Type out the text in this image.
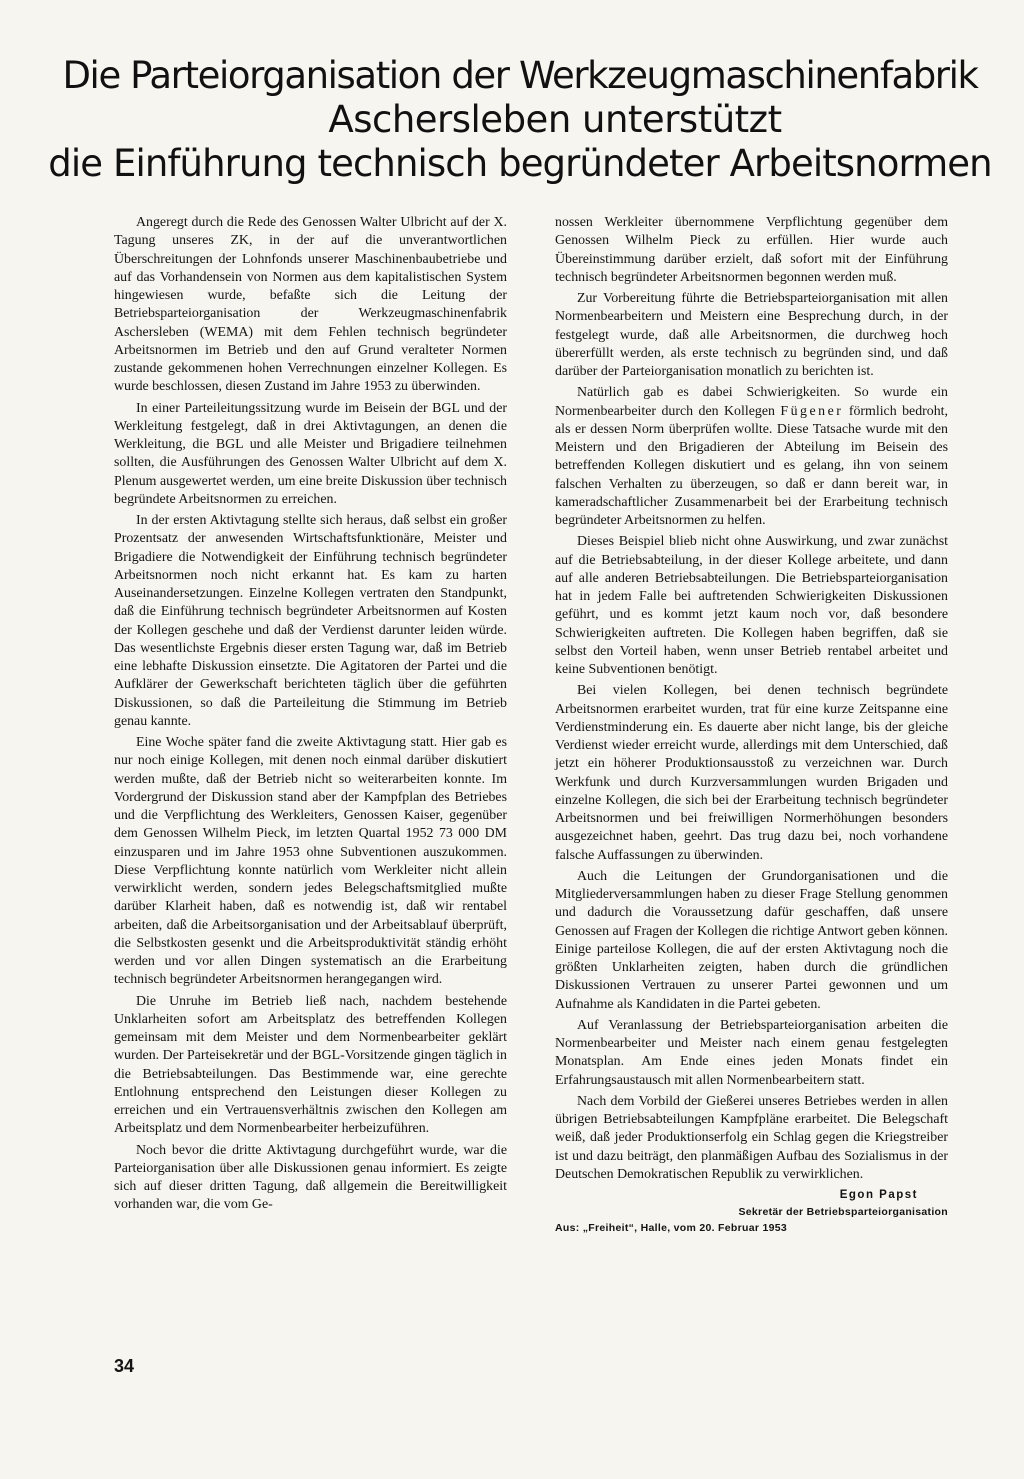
Die Parteiorganisation der Werkzeugmaschinenfabrik
Aschersleben unterstützt
die Einführung technisch begründeter Arbeitsnormen

Angeregt durch die Rede des Genossen Walter Ulbricht auf der X. Tagung unseres ZK, in der auf die unverantwortlichen Überschreitungen der Lohnfonds unserer Maschinenbaubetriebe und auf das Vorhandensein von Normen aus dem kapitalistischen System hingewiesen wurde, befaßte sich die Leitung der Betriebsparteiorganisation der Werkzeugmaschinenfabrik Aschersleben (WEMA) mit dem Fehlen technisch begründeter Arbeitsnormen im Betrieb und den auf Grund veralteter Normen zustande gekommenen hohen Verrechnungen einzelner Kollegen. Es wurde beschlossen, diesen Zustand im Jahre 1953 zu überwinden.

In einer Parteileitungssitzung wurde im Beisein der BGL und der Werkleitung festgelegt, daß in drei Aktivtagungen, an denen die Werkleitung, die BGL und alle Meister und Brigadiere teilnehmen sollten, die Ausführungen des Genossen Walter Ulbricht auf dem X. Plenum ausgewertet werden, um eine breite Diskussion über technisch begründete Arbeitsnormen zu erreichen.

In der ersten Aktivtagung stellte sich heraus, daß selbst ein großer Prozentsatz der anwesenden Wirtschaftsfunktionäre, Meister und Brigadiere die Notwendigkeit der Einführung technisch begründeter Arbeitsnormen noch nicht erkannt hat. Es kam zu harten Auseinandersetzungen. Einzelne Kollegen vertraten den Standpunkt, daß die Einführung technisch begründeter Arbeitsnormen auf Kosten der Kollegen geschehe und daß der Verdienst darunter leiden würde. Das wesentlichste Ergebnis dieser ersten Tagung war, daß im Betrieb eine lebhafte Diskussion einsetzte. Die Agitatoren der Partei und die Aufklärer der Gewerkschaft berichteten täglich über die geführten Diskussionen, so daß die Parteileitung die Stimmung im Betrieb genau kannte.

Eine Woche später fand die zweite Aktivtagung statt. Hier gab es nur noch einige Kollegen, mit denen noch einmal darüber diskutiert werden mußte, daß der Betrieb nicht so weiterarbeiten konnte. Im Vordergrund der Diskussion stand aber der Kampfplan des Betriebes und die Verpflichtung des Werkleiters, Genossen Kaiser, gegenüber dem Genossen Wilhelm Pieck, im letzten Quartal 1952 73 000 DM einzusparen und im Jahre 1953 ohne Subventionen auszukommen. Diese Verpflichtung konnte natürlich vom Werkleiter nicht allein verwirklicht werden, sondern jedes Belegschaftsmitglied mußte darüber Klarheit haben, daß es notwendig ist, daß wir rentabel arbeiten, daß die Arbeitsorganisation und der Arbeitsablauf überprüft, die Selbstkosten gesenkt und die Arbeitsproduktivität ständig erhöht werden und vor allen Dingen systematisch an die Erarbeitung technisch begründeter Arbeitsnormen herangegangen wird.

Die Unruhe im Betrieb ließ nach, nachdem bestehende Unklarheiten sofort am Arbeitsplatz des betreffenden Kollegen gemeinsam mit dem Meister und dem Normenbearbeiter geklärt wurden. Der Parteisekretär und der BGL-Vorsitzende gingen täglich in die Betriebsabteilungen. Das Bestimmende war, eine gerechte Entlohnung entsprechend den Leistungen dieser Kollegen zu erreichen und ein Vertrauensverhältnis zwischen den Kollegen am Arbeitsplatz und dem Normenbearbeiter herbeizuführen.

Noch bevor die dritte Aktivtagung durchgeführt wurde, war die Parteiorganisation über alle Diskussionen genau informiert. Es zeigte sich auf dieser dritten Tagung, daß allgemein die Bereitwilligkeit vorhanden war, die vom Ge-

nossen Werkleiter übernommene Verpflichtung gegenüber dem Genossen Wilhelm Pieck zu erfüllen. Hier wurde auch Übereinstimmung darüber erzielt, daß sofort mit der Einführung technisch begründeter Arbeitsnormen begonnen werden muß.

Zur Vorbereitung führte die Betriebsparteiorganisation mit allen Normenbearbeitern und Meistern eine Besprechung durch, in der festgelegt wurde, daß alle Arbeitsnormen, die durchweg hoch übererfüllt werden, als erste technisch zu begründen sind, und daß darüber der Parteiorganisation monatlich zu berichten ist.

Natürlich gab es dabei Schwierigkeiten. So wurde ein Normenbearbeiter durch den Kollegen Fügener förmlich bedroht, als er dessen Norm überprüfen wollte. Diese Tatsache wurde mit den Meistern und den Brigadieren der Abteilung im Beisein des betreffenden Kollegen diskutiert und es gelang, ihn von seinem falschen Verhalten zu überzeugen, so daß er dann bereit war, in kameradschaftlicher Zusammenarbeit bei der Erarbeitung technisch begründeter Arbeitsnormen zu helfen.

Dieses Beispiel blieb nicht ohne Auswirkung, und zwar zunächst auf die Betriebsabteilung, in der dieser Kollege arbeitete, und dann auf alle anderen Betriebsabteilungen. Die Betriebsparteiorganisation hat in jedem Falle bei auftretenden Schwierigkeiten Diskussionen geführt, und es kommt jetzt kaum noch vor, daß besondere Schwierigkeiten auftreten. Die Kollegen haben begriffen, daß sie selbst den Vorteil haben, wenn unser Betrieb rentabel arbeitet und keine Subventionen benötigt.

Bei vielen Kollegen, bei denen technisch begründete Arbeitsnormen erarbeitet wurden, trat für eine kurze Zeitspanne eine Verdienstminderung ein. Es dauerte aber nicht lange, bis der gleiche Verdienst wieder erreicht wurde, allerdings mit dem Unterschied, daß jetzt ein höherer Produktionsausstoß zu verzeichnen war. Durch Werkfunk und durch Kurzversammlungen wurden Brigaden und einzelne Kollegen, die sich bei der Erarbeitung technisch begründeter Arbeitsnormen und bei freiwilligen Normerhöhungen besonders ausgezeichnet haben, geehrt. Das trug dazu bei, noch vorhandene falsche Auffassungen zu überwinden.

Auch die Leitungen der Grundorganisationen und die Mitgliederversammlungen haben zu dieser Frage Stellung genommen und dadurch die Voraussetzung dafür geschaffen, daß unsere Genossen auf Fragen der Kollegen die richtige Antwort geben können. Einige parteilose Kollegen, die auf der ersten Aktivtagung noch die größten Unklarheiten zeigten, haben durch die gründlichen Diskussionen Vertrauen zu unserer Partei gewonnen und um Aufnahme als Kandidaten in die Partei gebeten.

Auf Veranlassung der Betriebsparteiorganisation arbeiten die Normenbearbeiter und Meister nach einem genau festgelegten Monatsplan. Am Ende eines jeden Monats findet ein Erfahrungsaustausch mit allen Normenbearbeitern statt.

Nach dem Vorbild der Gießerei unseres Betriebes werden in allen übrigen Betriebsabteilungen Kampfpläne erarbeitet. Die Belegschaft weiß, daß jeder Produktionserfolg ein Schlag gegen die Kriegstreiber ist und dazu beiträgt, den planmäßigen Aufbau des Sozialismus in der Deutschen Demokratischen Republik zu verwirklichen.

Egon Papst
Sekretär der Betriebsparteiorganisation
Aus: „Freiheit“, Halle, vom 20. Februar 1953
34
